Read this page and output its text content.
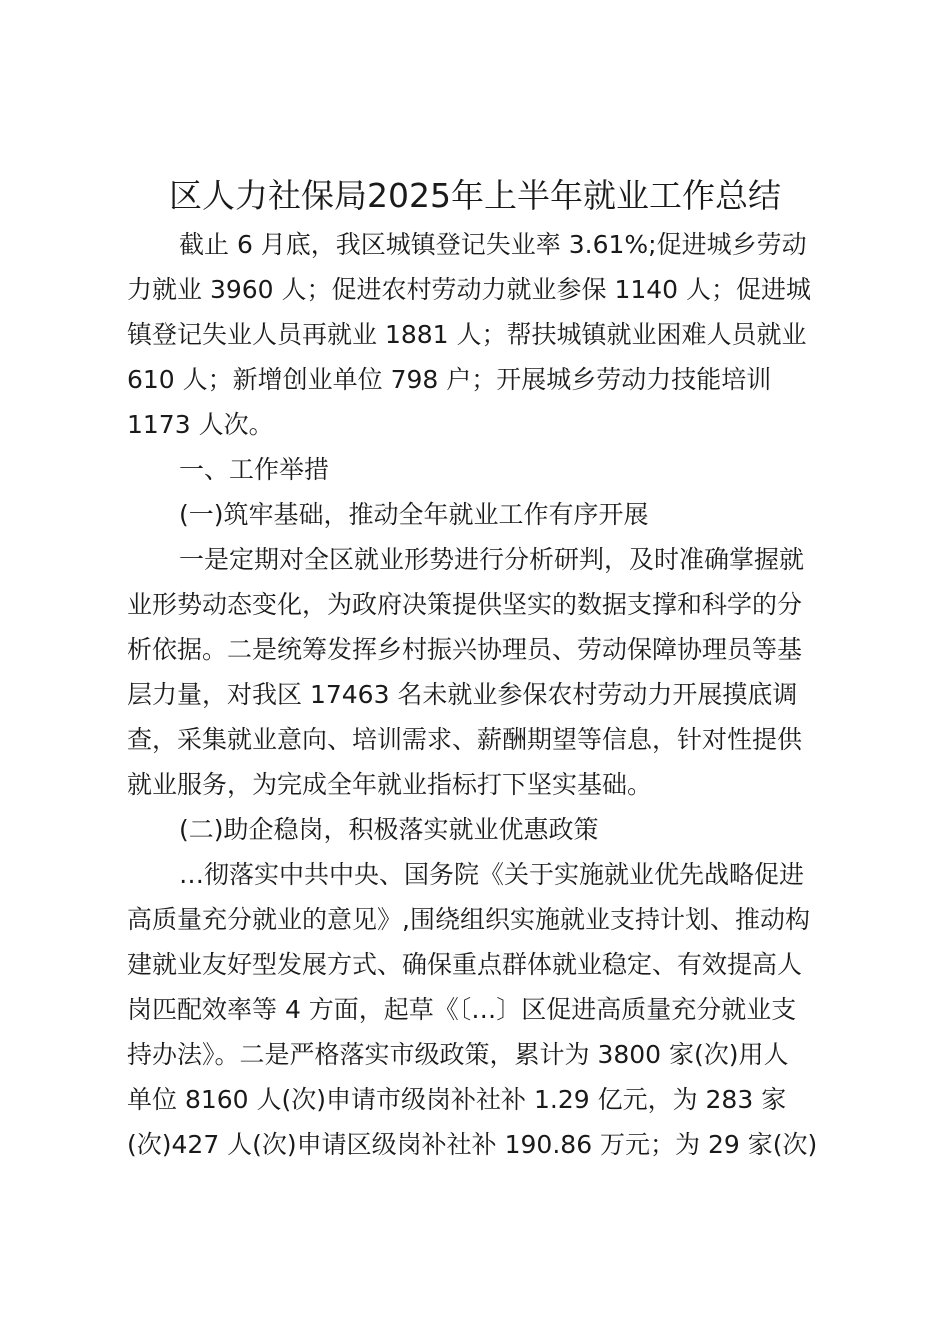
区人力社保局2025年上半年就业工作总结
截止 6 月底，我区城镇登记失业率 3.61%;促进城乡劳动
力就业 3960 人；促进农村劳动力就业参保 1140 人；促进城
镇登记失业人员再就业 1881 人；帮扶城镇就业困难人员就业
610 人；新增创业单位 798 户；开展城乡劳动力技能培训
1173 人次。
一、工作举措
(一)筑牢基础，推动全年就业工作有序开展
一是定期对全区就业形势进行分析研判，及时准确掌握就
业形势动态变化，为政府决策提供坚实的数据支撑和科学的分
析依据。二是统筹发挥乡村振兴协理员、劳动保障协理员等基
层力量，对我区 17463 名未就业参保农村劳动力开展摸底调
查，采集就业意向、培训需求、薪酬期望等信息，针对性提供
就业服务，为完成全年就业指标打下坚实基础。
(二)助企稳岗，积极落实就业优惠政策
…彻落实中共中央、国务院《关于实施就业优先战略促进
高质量充分就业的意见》,围绕组织实施就业支持计划、推动构
建就业友好型发展方式、确保重点群体就业稳定、有效提高人
岗匹配效率等 4 方面，起草《〔…〕区促进高质量充分就业支
持办法》。二是严格落实市级政策，累计为 3800 家(次)用人
单位 8160 人(次)申请市级岗补社补 1.29 亿元，为 283 家
(次)427 人(次)申请区级岗补社补 190.86 万元；为 29 家(次)
